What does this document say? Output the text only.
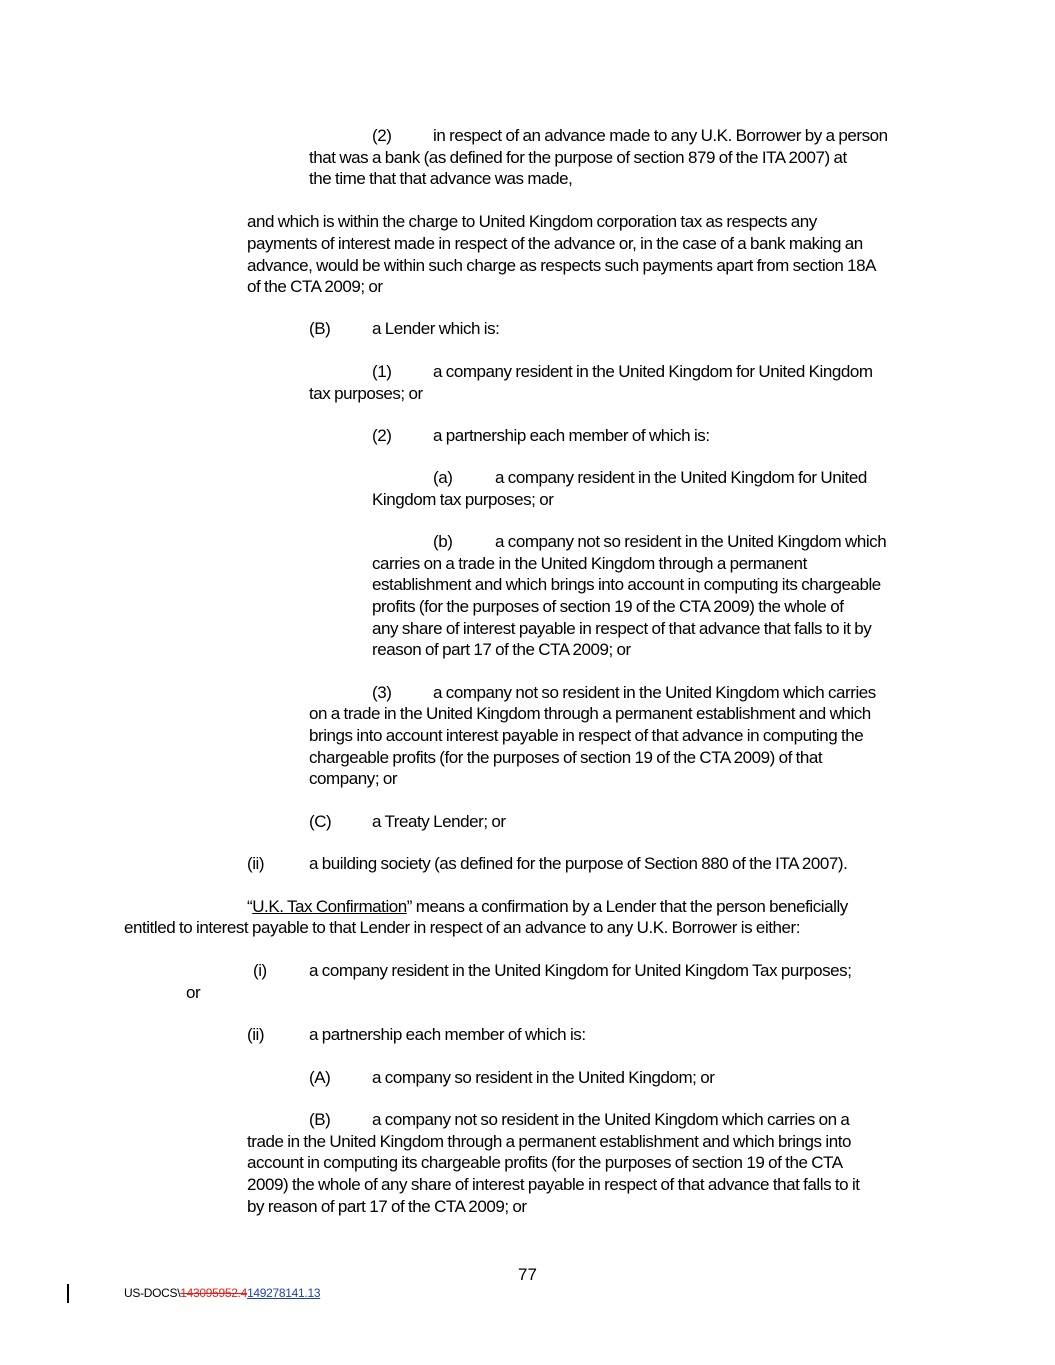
(2) in respect of an advance made to any U.K. Borrower by a person
that was a bank (as defined for the purpose of section 879 of the ITA 2007) at
the time that that advance was made,
and which is within the charge to United Kingdom corporation tax as respects any
payments of interest made in respect of the advance or, in the case of a bank making an
advance, would be within such charge as respects such payments apart from section 18A
of the CTA 2009; or
(B) a Lender which is:
(1) a company resident in the United Kingdom for United Kingdom
tax purposes; or
(2) a partnership each member of which is:
(a)	a company resident in the United Kingdom for United
Kingdom tax purposes; or
(b)	a company not so resident in the United Kingdom which
carries on a trade in the United Kingdom through a permanent
establishment and which brings into account in computing its chargeable
profits (for the purposes of section 19 of the CTA 2009) the whole of
any share of interest payable in respect of that advance that falls to it by
reason of part 17 of the CTA 2009; or
(3) a company not so resident in the United Kingdom which carries
on a trade in the United Kingdom through a permanent establishment and which
brings into account interest payable in respect of that advance in computing the
chargeable profits (for the purposes of section 19 of the CTA 2009) of that
company; or
(C) a Treaty Lender; or
(ii)	a building society (as defined for the purpose of Section 880 of the ITA 2007).
“U.K. Tax Confirmation” means a confirmation by a Lender that the person beneficially
entitled to interest payable to that Lender in respect of an advance to any U.K. Borrower is either:
(i) a company resident in the United Kingdom for United Kingdom Tax purposes;
or
(ii)	a partnership each member of which is:
(A) a company so resident in the United Kingdom; or
(B) a company not so resident in the United Kingdom which carries on a
trade in the United Kingdom through a permanent establishment and which brings into
account in computing its chargeable profits (for the purposes of section 19 of the CTA
2009) the whole of any share of interest payable in respect of that advance that falls to it
by reason of part 17 of the CTA 2009; or
77
US-DOCS\143095952.4149278141.13
